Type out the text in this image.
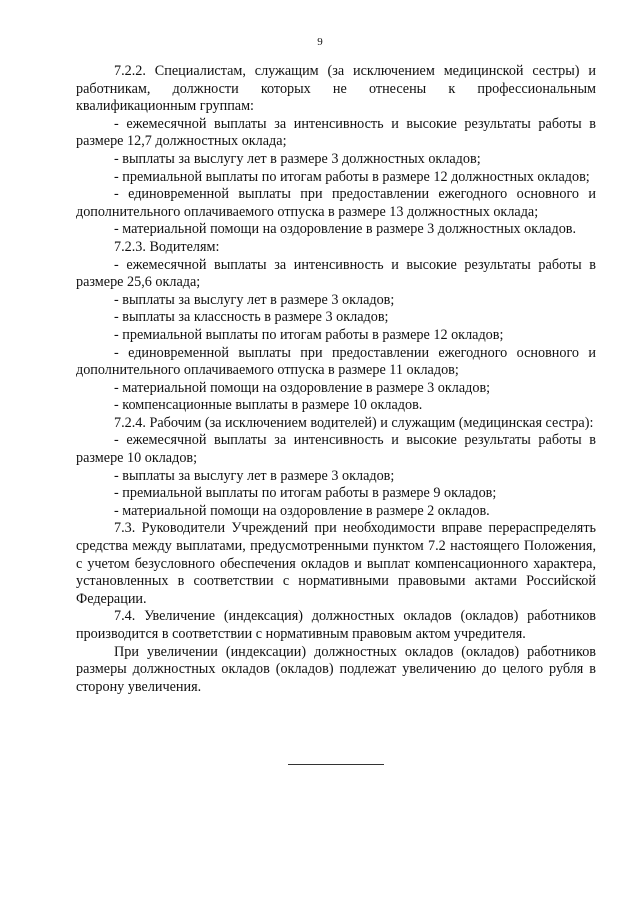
9

7.2.2. Специалистам, служащим (за исключением медицинской сестры) и работникам, должности которых не отнесены к профессиональным квалификационным группам:

- ежемесячной выплаты за интенсивность и высокие результаты работы в размере 12,7 должностных оклада;

- выплаты за выслугу лет в размере 3 должностных окладов;

- премиальной выплаты по итогам работы в размере 12 должностных окладов;

- единовременной выплаты при предоставлении ежегодного основного и дополнительного оплачиваемого отпуска в размере 13 должностных оклада;

- материальной помощи на оздоровление в размере 3 должностных окладов.

7.2.3. Водителям:

- ежемесячной выплаты за интенсивность и высокие результаты работы в размере 25,6 оклада;

- выплаты за выслугу лет в размере 3 окладов;

- выплаты за классность в размере 3 окладов;

- премиальной выплаты по итогам работы в размере 12 окладов;

- единовременной выплаты при предоставлении ежегодного основного и дополнительного оплачиваемого отпуска в размере 11 окладов;

- материальной помощи на оздоровление в размере 3 окладов;

- компенсационные выплаты в размере 10 окладов.

7.2.4. Рабочим (за исключением водителей) и служащим (медицинская сестра):

- ежемесячной выплаты за интенсивность и высокие результаты работы в размере 10 окладов;

- выплаты за выслугу лет в размере 3 окладов;

- премиальной выплаты по итогам работы в размере 9 окладов;

- материальной помощи на оздоровление в размере 2 окладов.

7.3. Руководители Учреждений при необходимости вправе перераспределять средства между выплатами, предусмотренными пунктом 7.2 настоящего Положения, с учетом безусловного обеспечения окладов и выплат компенсационного характера, установленных в соответствии с нормативными правовыми актами Российской Федерации.

7.4. Увеличение (индексация) должностных окладов (окладов) работников производится в соответствии с нормативным правовым актом учредителя.

При увеличении (индексации) должностных окладов (окладов) работников размеры должностных окладов (окладов) подлежат увеличению до целого рубля в сторону увеличения.
